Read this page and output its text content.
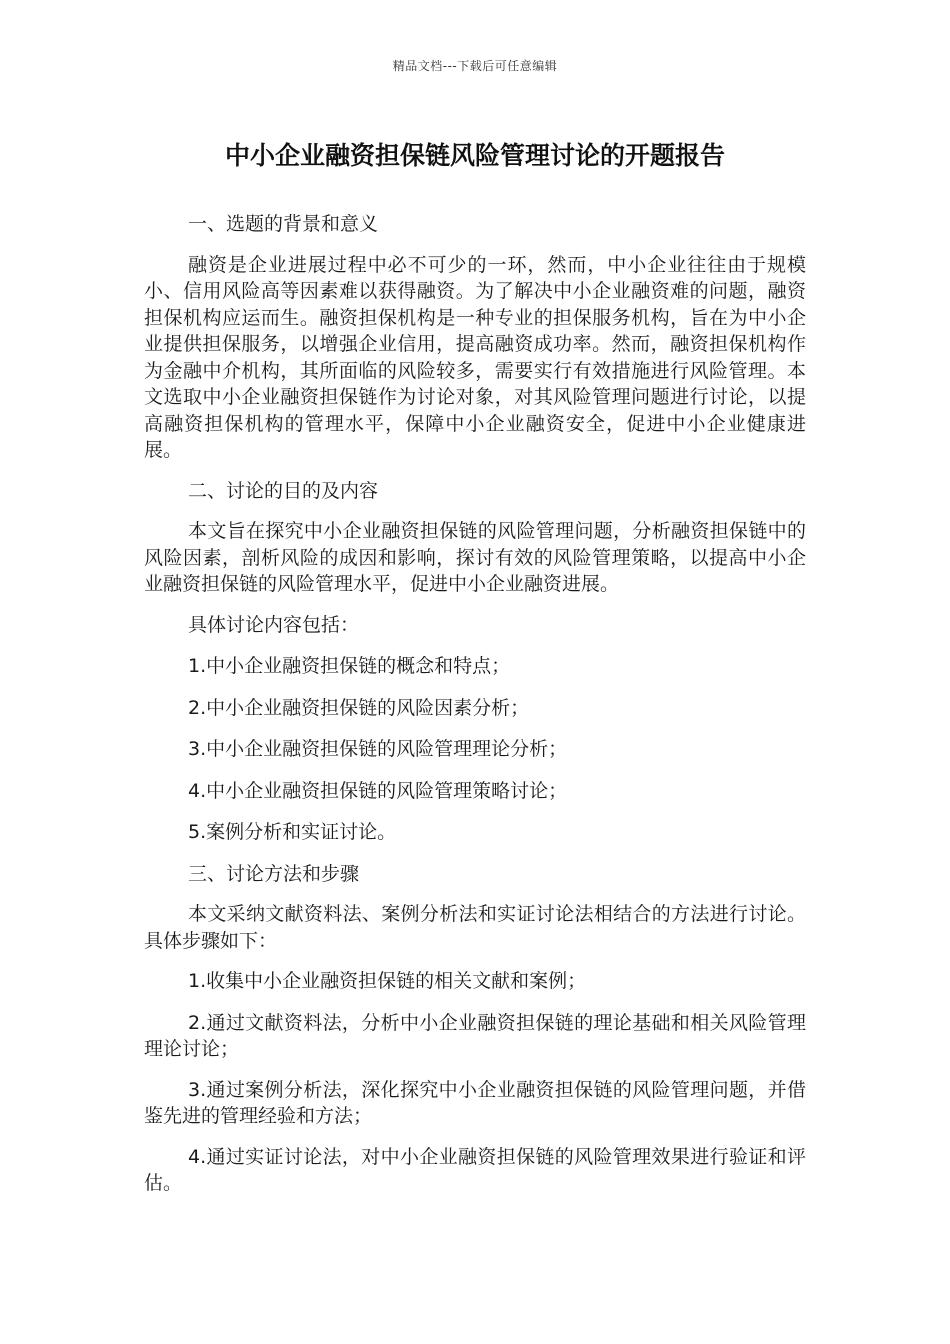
精品文档---下载后可任意编辑
中小企业融资担保链风险管理讨论的开题报告

一、选题的背景和意义

融资是企业进展过程中必不可少的一环，然而，中小企业往往由于规模小、信用风险高等因素难以获得融资。为了解决中小企业融资难的问题，融资担保机构应运而生。融资担保机构是一种专业的担保服务机构，旨在为中小企业提供担保服务，以增强企业信用，提高融资成功率。然而，融资担保机构作为金融中介机构，其所面临的风险较多，需要实行有效措施进行风险管理。本文选取中小企业融资担保链作为讨论对象，对其风险管理问题进行讨论，以提高融资担保机构的管理水平，保障中小企业融资安全，促进中小企业健康进展。

二、讨论的目的及内容

本文旨在探究中小企业融资担保链的风险管理问题，分析融资担保链中的风险因素，剖析风险的成因和影响，探讨有效的风险管理策略，以提高中小企业融资担保链的风险管理水平，促进中小企业融资进展。

具体讨论内容包括：

1.中小企业融资担保链的概念和特点；

2.中小企业融资担保链的风险因素分析；

3.中小企业融资担保链的风险管理理论分析；

4.中小企业融资担保链的风险管理策略讨论；

5.案例分析和实证讨论。

三、讨论方法和步骤

本文采纳文献资料法、案例分析法和实证讨论法相结合的方法进行讨论。具体步骤如下：

1.收集中小企业融资担保链的相关文献和案例；

2.通过文献资料法，分析中小企业融资担保链的理论基础和相关风险管理理论讨论；

3.通过案例分析法，深化探究中小企业融资担保链的风险管理问题，并借鉴先进的管理经验和方法；

4.通过实证讨论法，对中小企业融资担保链的风险管理效果进行验证和评估。
